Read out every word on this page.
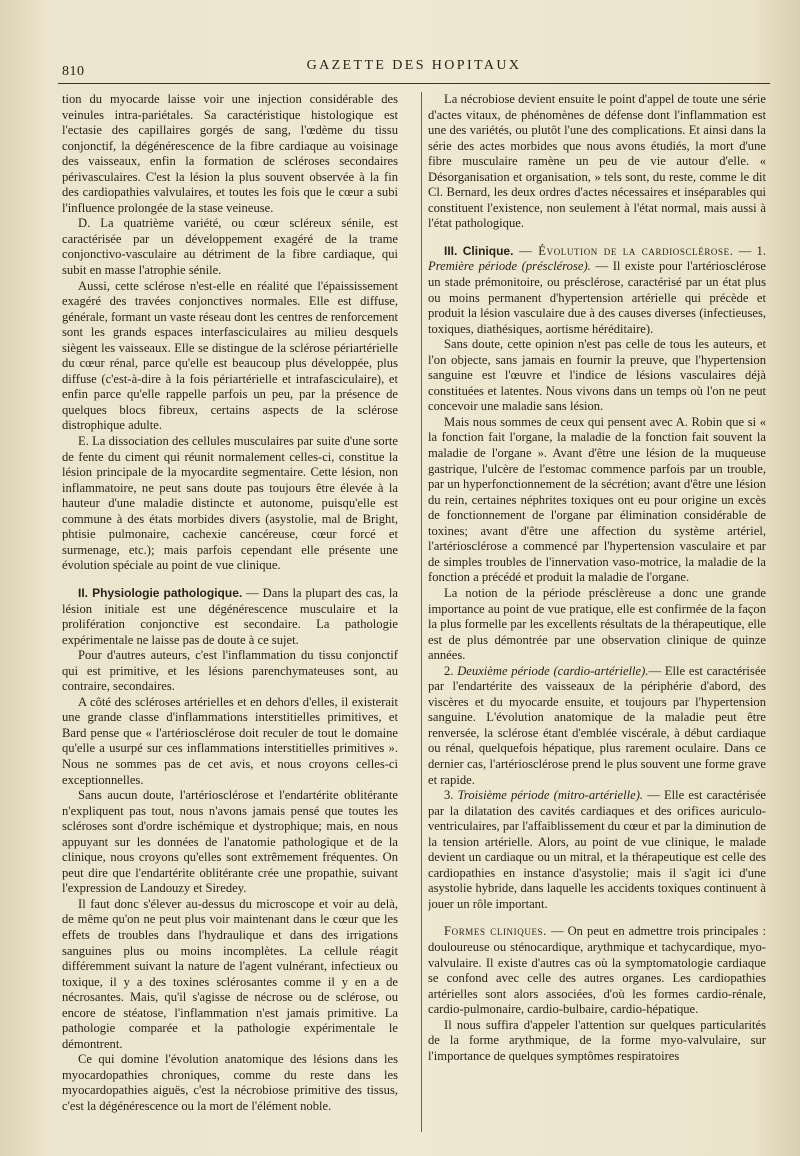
810	GAZETTE DES HOPITAUX

tion du myocarde laisse voir une injection considérable des veinules intra-pariétales. Sa caractéristique histologique est l'ectasie des capillaires gorgés de sang, l'œdème du tissu conjonctif, la dégénérescence de la fibre cardiaque au voisinage des vaisseaux, enfin la formation de scléroses secondaires périvasculaires. C'est la lésion la plus souvent observée à la fin des cardiopathies valvulaires, et toutes les fois que le cœur a subi l'influence prolongée de la stase veineuse.

D. La quatrième variété, ou cœur scléreux sénile, est caractérisée par un développement exagéré de la trame conjonctivo-vasculaire au détriment de la fibre cardiaque, qui subit en masse l'atrophie sénile.

Aussi, cette sclérose n'est-elle en réalité que l'épaississement exagéré des travées conjonctives normales. Elle est diffuse, générale, formant un vaste réseau dont les centres de renforcement sont les grands espaces interfasciculaires au milieu desquels siègent les vaisseaux. Elle se distingue de la sclérose périartérielle du cœur rénal, parce qu'elle est beaucoup plus développée, plus diffuse (c'est-à-dire à la fois périartérielle et intrafasciculaire), et enfin parce qu'elle rappelle parfois un peu, par la présence de quelques blocs fibreux, certains aspects de la sclérose distrophique adulte.

E. La dissociation des cellules musculaires par suite d'une sorte de fente du ciment qui réunit normalement celles-ci, constitue la lésion principale de la myocardite segmentaire. Cette lésion, non inflammatoire, ne peut sans doute pas toujours être élevée à la hauteur d'une maladie distincte et autonome, puisqu'elle est commune à des états morbides divers (asystolie, mal de Bright, phtisie pulmonaire, cachexie cancéreuse, cœur forcé et surmenage, etc.); mais parfois cependant elle présente une évolution spéciale au point de vue clinique.

II. Physiologie pathologique. — Dans la plupart des cas, la lésion initiale est une dégénérescence musculaire et la prolifération conjonctive est secondaire. La pathologie expérimentale ne laisse pas de doute à ce sujet.

Pour d'autres auteurs, c'est l'inflammation du tissu conjonctif qui est primitive, et les lésions parenchymateuses sont, au contraire, secondaires.

A côté des scléroses artérielles et en dehors d'elles, il existerait une grande classe d'inflammations interstitielles primitives, et Bard pense que « l'artériosclérose doit reculer de tout le domaine qu'elle a usurpé sur ces inflammations interstitielles primitives ». Nous ne sommes pas de cet avis, et nous croyons celles-ci exceptionnelles.

Sans aucun doute, l'artériosclérose et l'endartérite oblitérante n'expliquent pas tout, nous n'avons jamais pensé que toutes les scléroses sont d'ordre ischémique et dystrophique; mais, en nous appuyant sur les données de l'anatomie pathologique et de la clinique, nous croyons qu'elles sont extrêmement fréquentes. On peut dire que l'endartérite oblitérante crée une propathie, suivant l'expression de Landouzy et Siredey.

Il faut donc s'élever au-dessus du microscope et voir au delà, de même qu'on ne peut plus voir maintenant dans le cœur que les effets de troubles dans l'hydraulique et dans des irrigations sanguines plus ou moins incomplètes. La cellule réagit différemment suivant la nature de l'agent vulnérant, infectieux ou toxique, il y a des toxines sclérosantes comme il y en a de nécrosantes. Mais, qu'il s'agisse de nécrose ou de sclérose, ou encore de stéatose, l'inflammation n'est jamais primitive. La pathologie comparée et la pathologie expérimentale le démontrent.

Ce qui domine l'évolution anatomique des lésions dans les myocardopathies chroniques, comme du reste dans les myocardopathies aiguës, c'est la nécrobiose primitive des tissus, c'est la dégénérescence ou la mort de l'élément noble.

La nécrobiose devient ensuite le point d'appel de toute une série d'actes vitaux, de phénomènes de défense dont l'inflammation est une des variétés, ou plutôt l'une des complications. Et ainsi dans la série des actes morbides que nous avons étudiés, la mort d'une fibre musculaire ramène un peu de vie autour d'elle. « Désorganisation et organisation, » tels sont, du reste, comme le dit Cl. Bernard, les deux ordres d'actes nécessaires et inséparables qui constituent l'existence, non seulement à l'état normal, mais aussi à l'état pathologique.

III. Clinique. — Évolution de la cardiosclérose. — 1. Première période (présclérose). — Il existe pour l'artériosclérose un stade prémonitoire, ou présclérose, caractérisé par un état plus ou moins permanent d'hypertension artérielle qui précède et produit la lésion vasculaire due à des causes diverses (infectieuses, toxiques, diathésiques, aortisme héréditaire).

Sans doute, cette opinion n'est pas celle de tous les auteurs, et l'on objecte, sans jamais en fournir la preuve, que l'hypertension sanguine est l'œuvre et l'indice de lésions vasculaires déjà constituées et latentes. Nous vivons dans un temps où l'on ne peut concevoir une maladie sans lésion.

Mais nous sommes de ceux qui pensent avec A. Robin que si « la fonction fait l'organe, la maladie de la fonction fait souvent la maladie de l'organe ». Avant d'être une lésion de la muqueuse gastrique, l'ulcère de l'estomac commence parfois par un trouble, par un hyperfonctionnement de la sécrétion; avant d'être une lésion du rein, certaines néphrites toxiques ont eu pour origine un excès de fonctionnement de l'organe par élimination considérable de toxines; avant d'être une affection du système artériel, l'artériosclérose a commencé par l'hypertension vasculaire et par de simples troubles de l'innervation vaso-motrice, la maladie de la fonction a précédé et produit la maladie de l'organe.

La notion de la période présclèreuse a donc une grande importance au point de vue pratique, elle est confirmée de la façon la plus formelle par les excellents résultats de la thérapeutique, elle est de plus démontrée par une observation clinique de quinze années.

2. Deuxième période (cardio-artérielle).— Elle est caractérisée par l'endartérite des vaisseaux de la périphérie d'abord, des viscères et du myocarde ensuite, et toujours par l'hypertension sanguine. L'évolution anatomique de la maladie peut être renversée, la sclérose étant d'emblée viscérale, à début cardiaque ou rénal, quelquefois hépatique, plus rarement oculaire. Dans ce dernier cas, l'artériosclérose prend le plus souvent une forme grave et rapide.

3. Troisième période (mitro-artérielle). — Elle est caractérisée par la dilatation des cavités cardiaques et des orifices auriculo-ventriculaires, par l'affaiblissement du cœur et par la diminution de la tension artérielle. Alors, au point de vue clinique, le malade devient un cardiaque ou un mitral, et la thérapeutique est celle des cardiopathies en instance d'asystolie; mais il s'agit ici d'une asystolie hybride, dans laquelle les accidents toxiques continuent à jouer un rôle important.

Formes cliniques. — On peut en admettre trois principales : douloureuse ou sténocardique, arythmique et tachycardique, myo-valvulaire. Il existe d'autres cas où la symptomatologie cardiaque se confond avec celle des autres organes. Les cardiopathies artérielles sont alors associées, d'où les formes cardio-rénale, cardio-pulmonaire, cardio-bulbaire, cardio-hépatique.

Il nous suffira d'appeler l'attention sur quelques particularités de la forme arythmique, de la forme myo-valvulaire, sur l'importance de quelques symptômes respiratoires
